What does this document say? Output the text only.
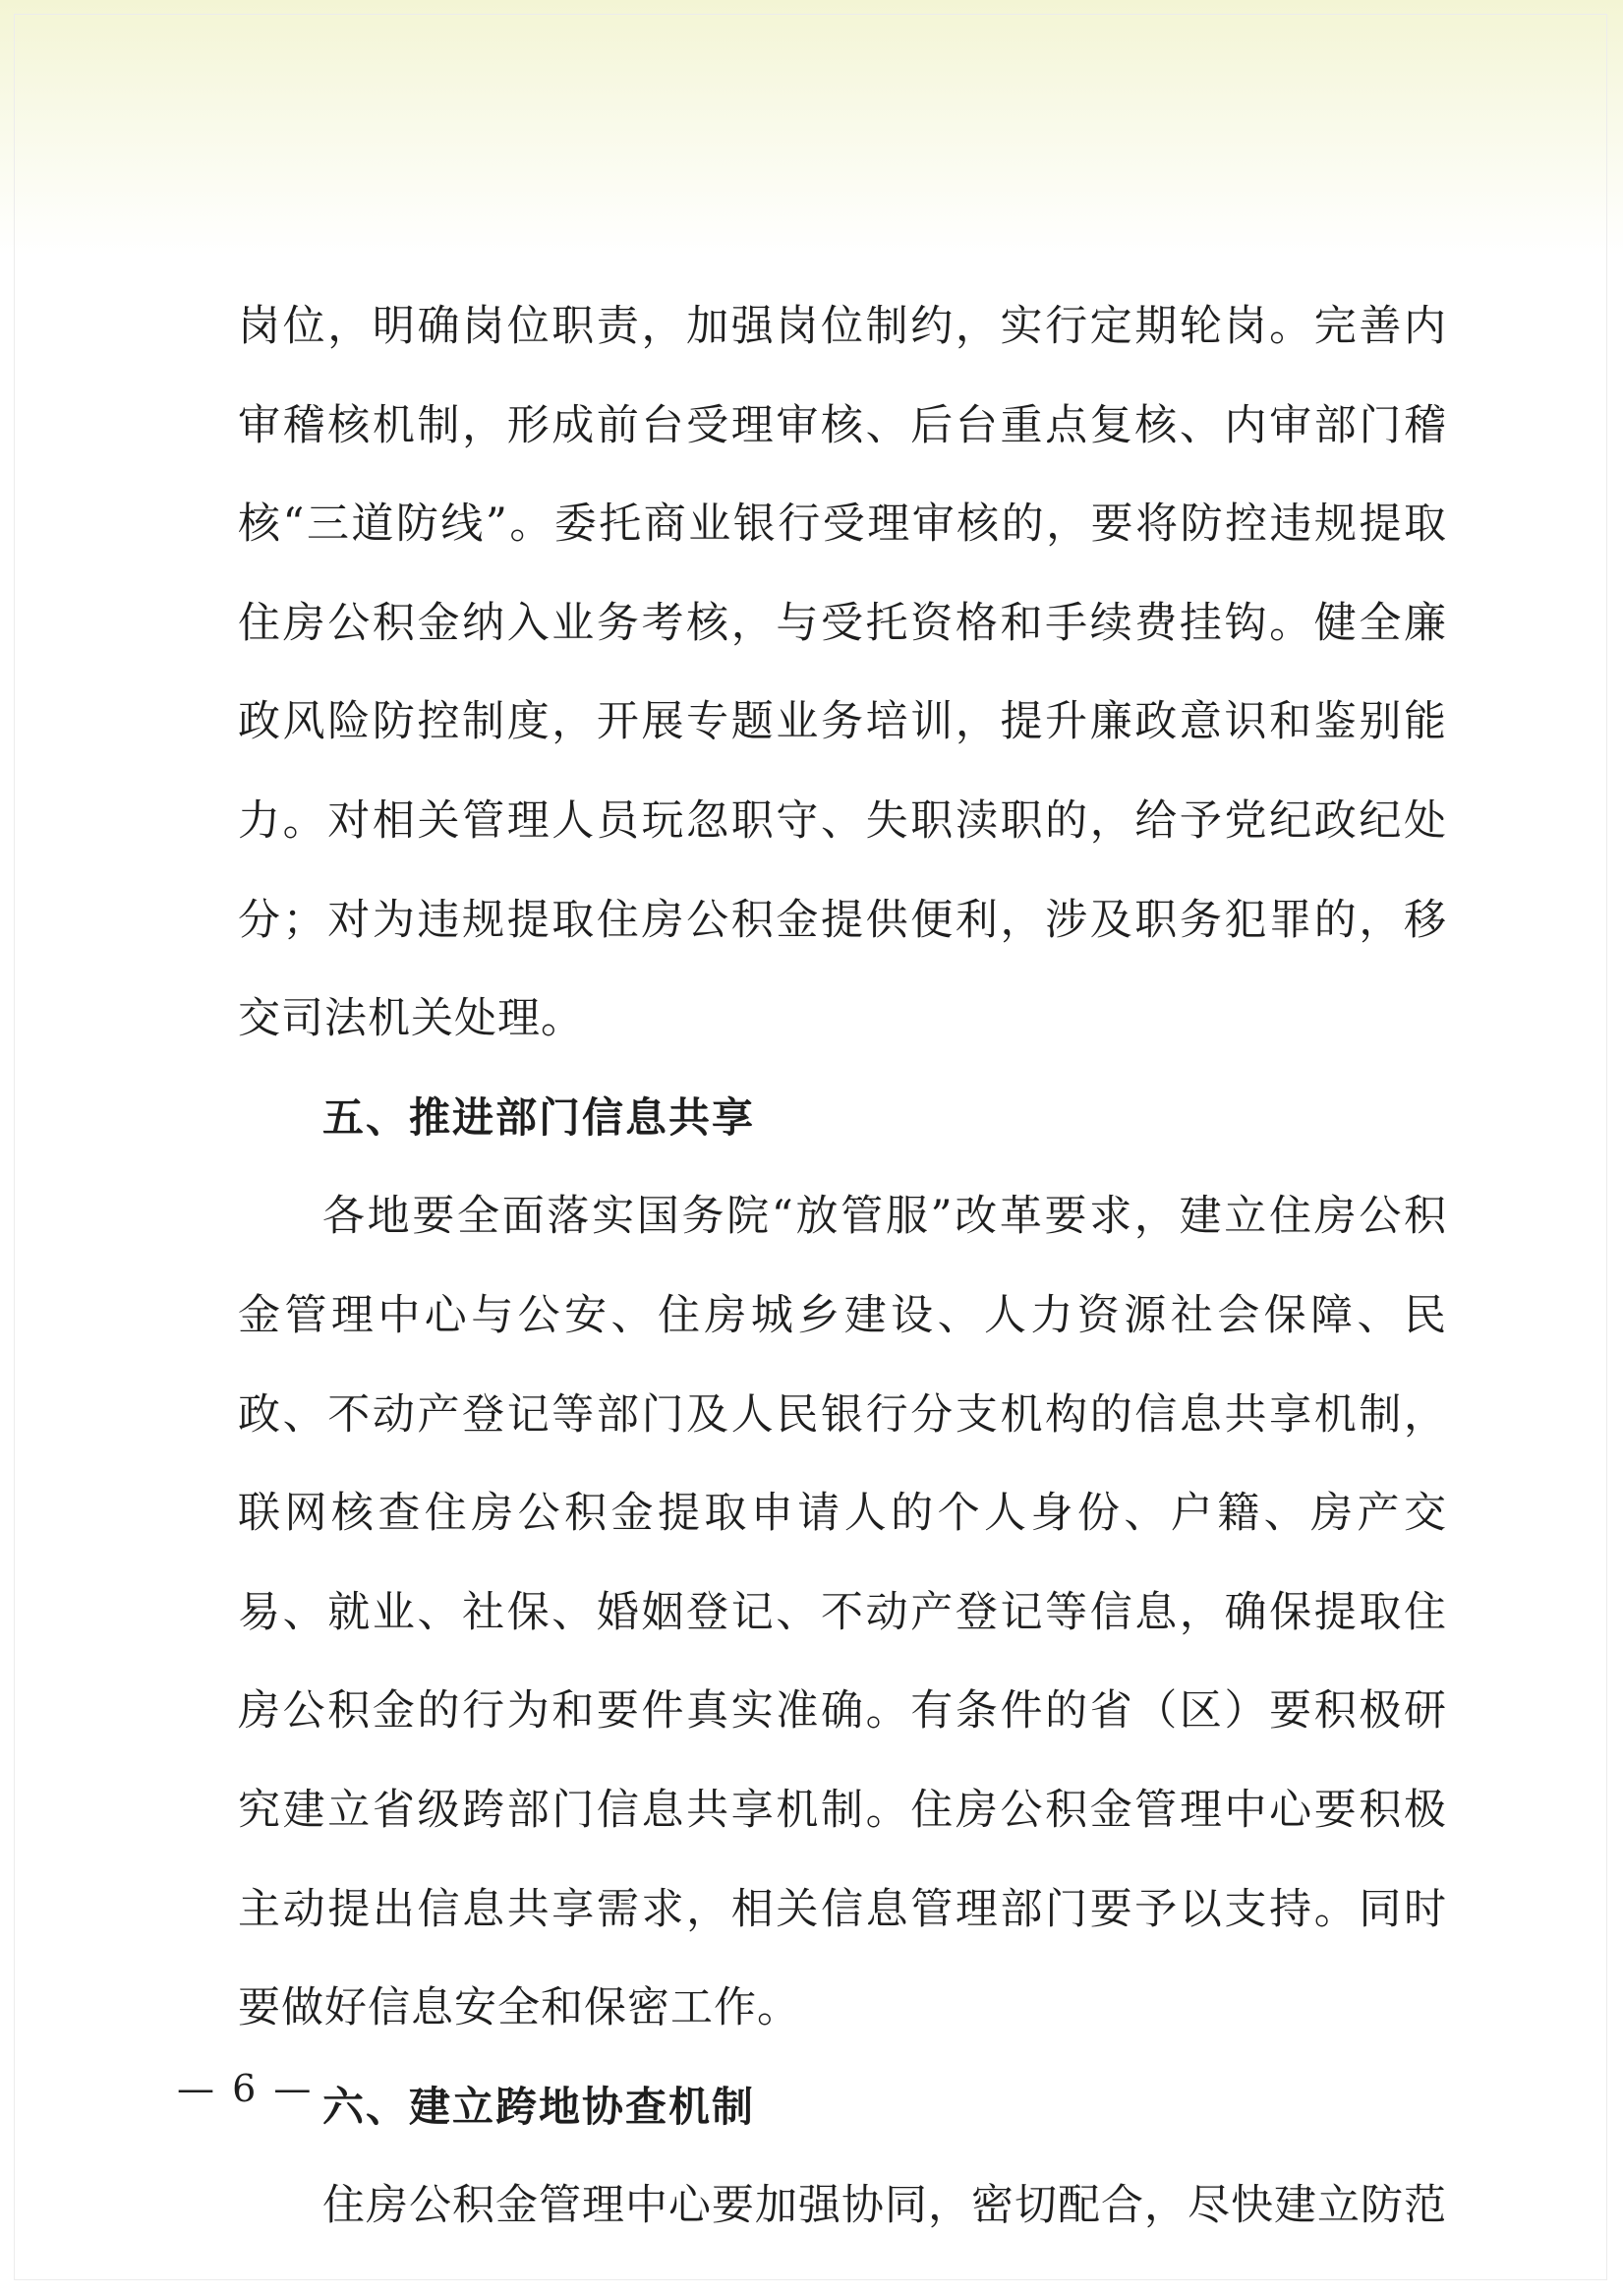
岗位，明确岗位职责，加强岗位制约，实行定期轮岗。完善内审稽核机制，形成前台受理审核、后台重点复核、内审部门稽核“三道防线”。委托商业银行受理审核的，要将防控违规提取住房公积金纳入业务考核，与受托资格和手续费挂钩。健全廉政风险防控制度，开展专题业务培训，提升廉政意识和鉴别能力。对相关管理人员玩忽职守、失职渎职的，给予党纪政纪处分；对为违规提取住房公积金提供便利，涉及职务犯罪的，移交司法机关处理。

五、推进部门信息共享

各地要全面落实国务院“放管服”改革要求，建立住房公积金管理中心与公安、住房城乡建设、人力资源社会保障、民政、不动产登记等部门及人民银行分支机构的信息共享机制，联网核查住房公积金提取申请人的个人身份、户籍、房产交易、就业、社保、婚姻登记、不动产登记等信息，确保提取住房公积金的行为和要件真实准确。有条件的省（区）要积极研究建立省级跨部门信息共享机制。住房公积金管理中心要积极主动提出信息共享需求，相关信息管理部门要予以支持。同时要做好信息安全和保密工作。

六、建立跨地协查机制

住房公积金管理中心要加强协同，密切配合，尽快建立防范

— 6 —
